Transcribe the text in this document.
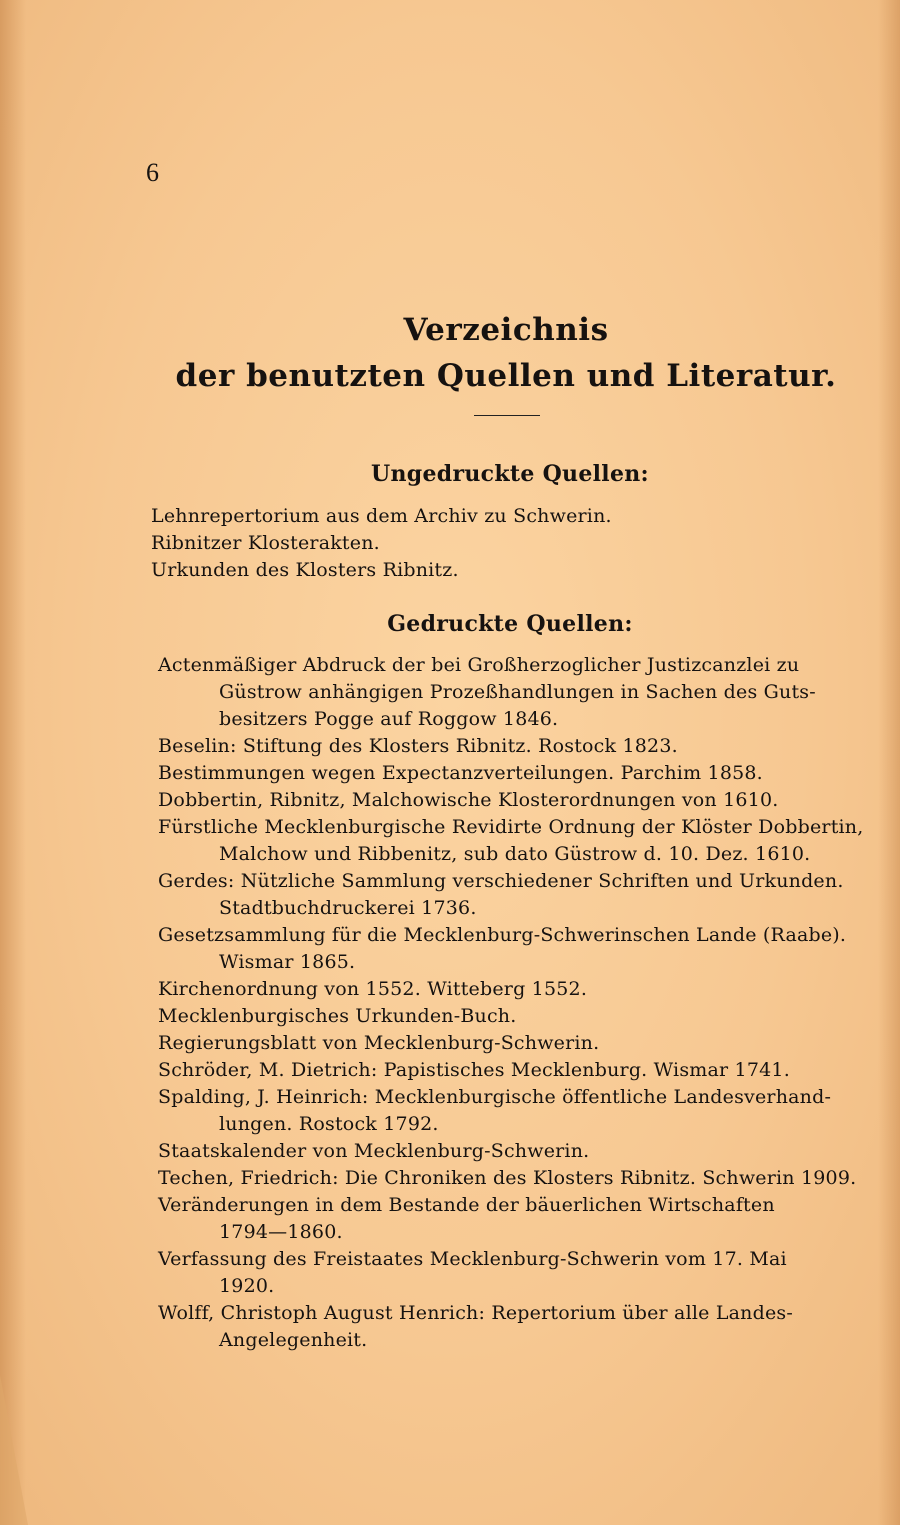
6
Verzeichnis
der benutzten Quellen und Literatur.
Ungedruckte Quellen:
Lehnrepertorium aus dem Archiv zu Schwerin.
Ribnitzer Klosterakten.
Urkunden des Klosters Ribnitz.
Gedruckte Quellen:
Actenmäßiger Abdruck der bei Großherzoglicher Justizcanzlei zu
Güstrow anhängigen Prozeßhandlungen in Sachen des Guts-
besitzers Pogge auf Roggow 1846.
Beselin: Stiftung des Klosters Ribnitz. Rostock 1823.
Bestimmungen wegen Expectanzverteilungen. Parchim 1858.
Dobbertin, Ribnitz, Malchowische Klosterordnungen von 1610.
Fürstliche Mecklenburgische Revidirte Ordnung der Klöster Dobbertin,
Malchow und Ribbenitz, sub dato Güstrow d. 10. Dez. 1610.
Gerdes: Nützliche Sammlung verschiedener Schriften und Urkunden.
Stadtbuchdruckerei 1736.
Gesetzsammlung für die Mecklenburg-Schwerinschen Lande (Raabe).
Wismar 1865.
Kirchenordnung von 1552. Witteberg 1552.
Mecklenburgisches Urkunden-Buch.
Regierungsblatt von Mecklenburg-Schwerin.
Schröder, M. Dietrich: Papistisches Mecklenburg. Wismar 1741.
Spalding, J. Heinrich: Mecklenburgische öffentliche Landesverhand-
lungen. Rostock 1792.
Staatskalender von Mecklenburg-Schwerin.
Techen, Friedrich: Die Chroniken des Klosters Ribnitz. Schwerin 1909.
Veränderungen in dem Bestande der bäuerlichen Wirtschaften
1794—1860.
Verfassung des Freistaates Mecklenburg-Schwerin vom 17. Mai
1920.
Wolff, Christoph August Henrich: Repertorium über alle Landes-
Angelegenheit.
